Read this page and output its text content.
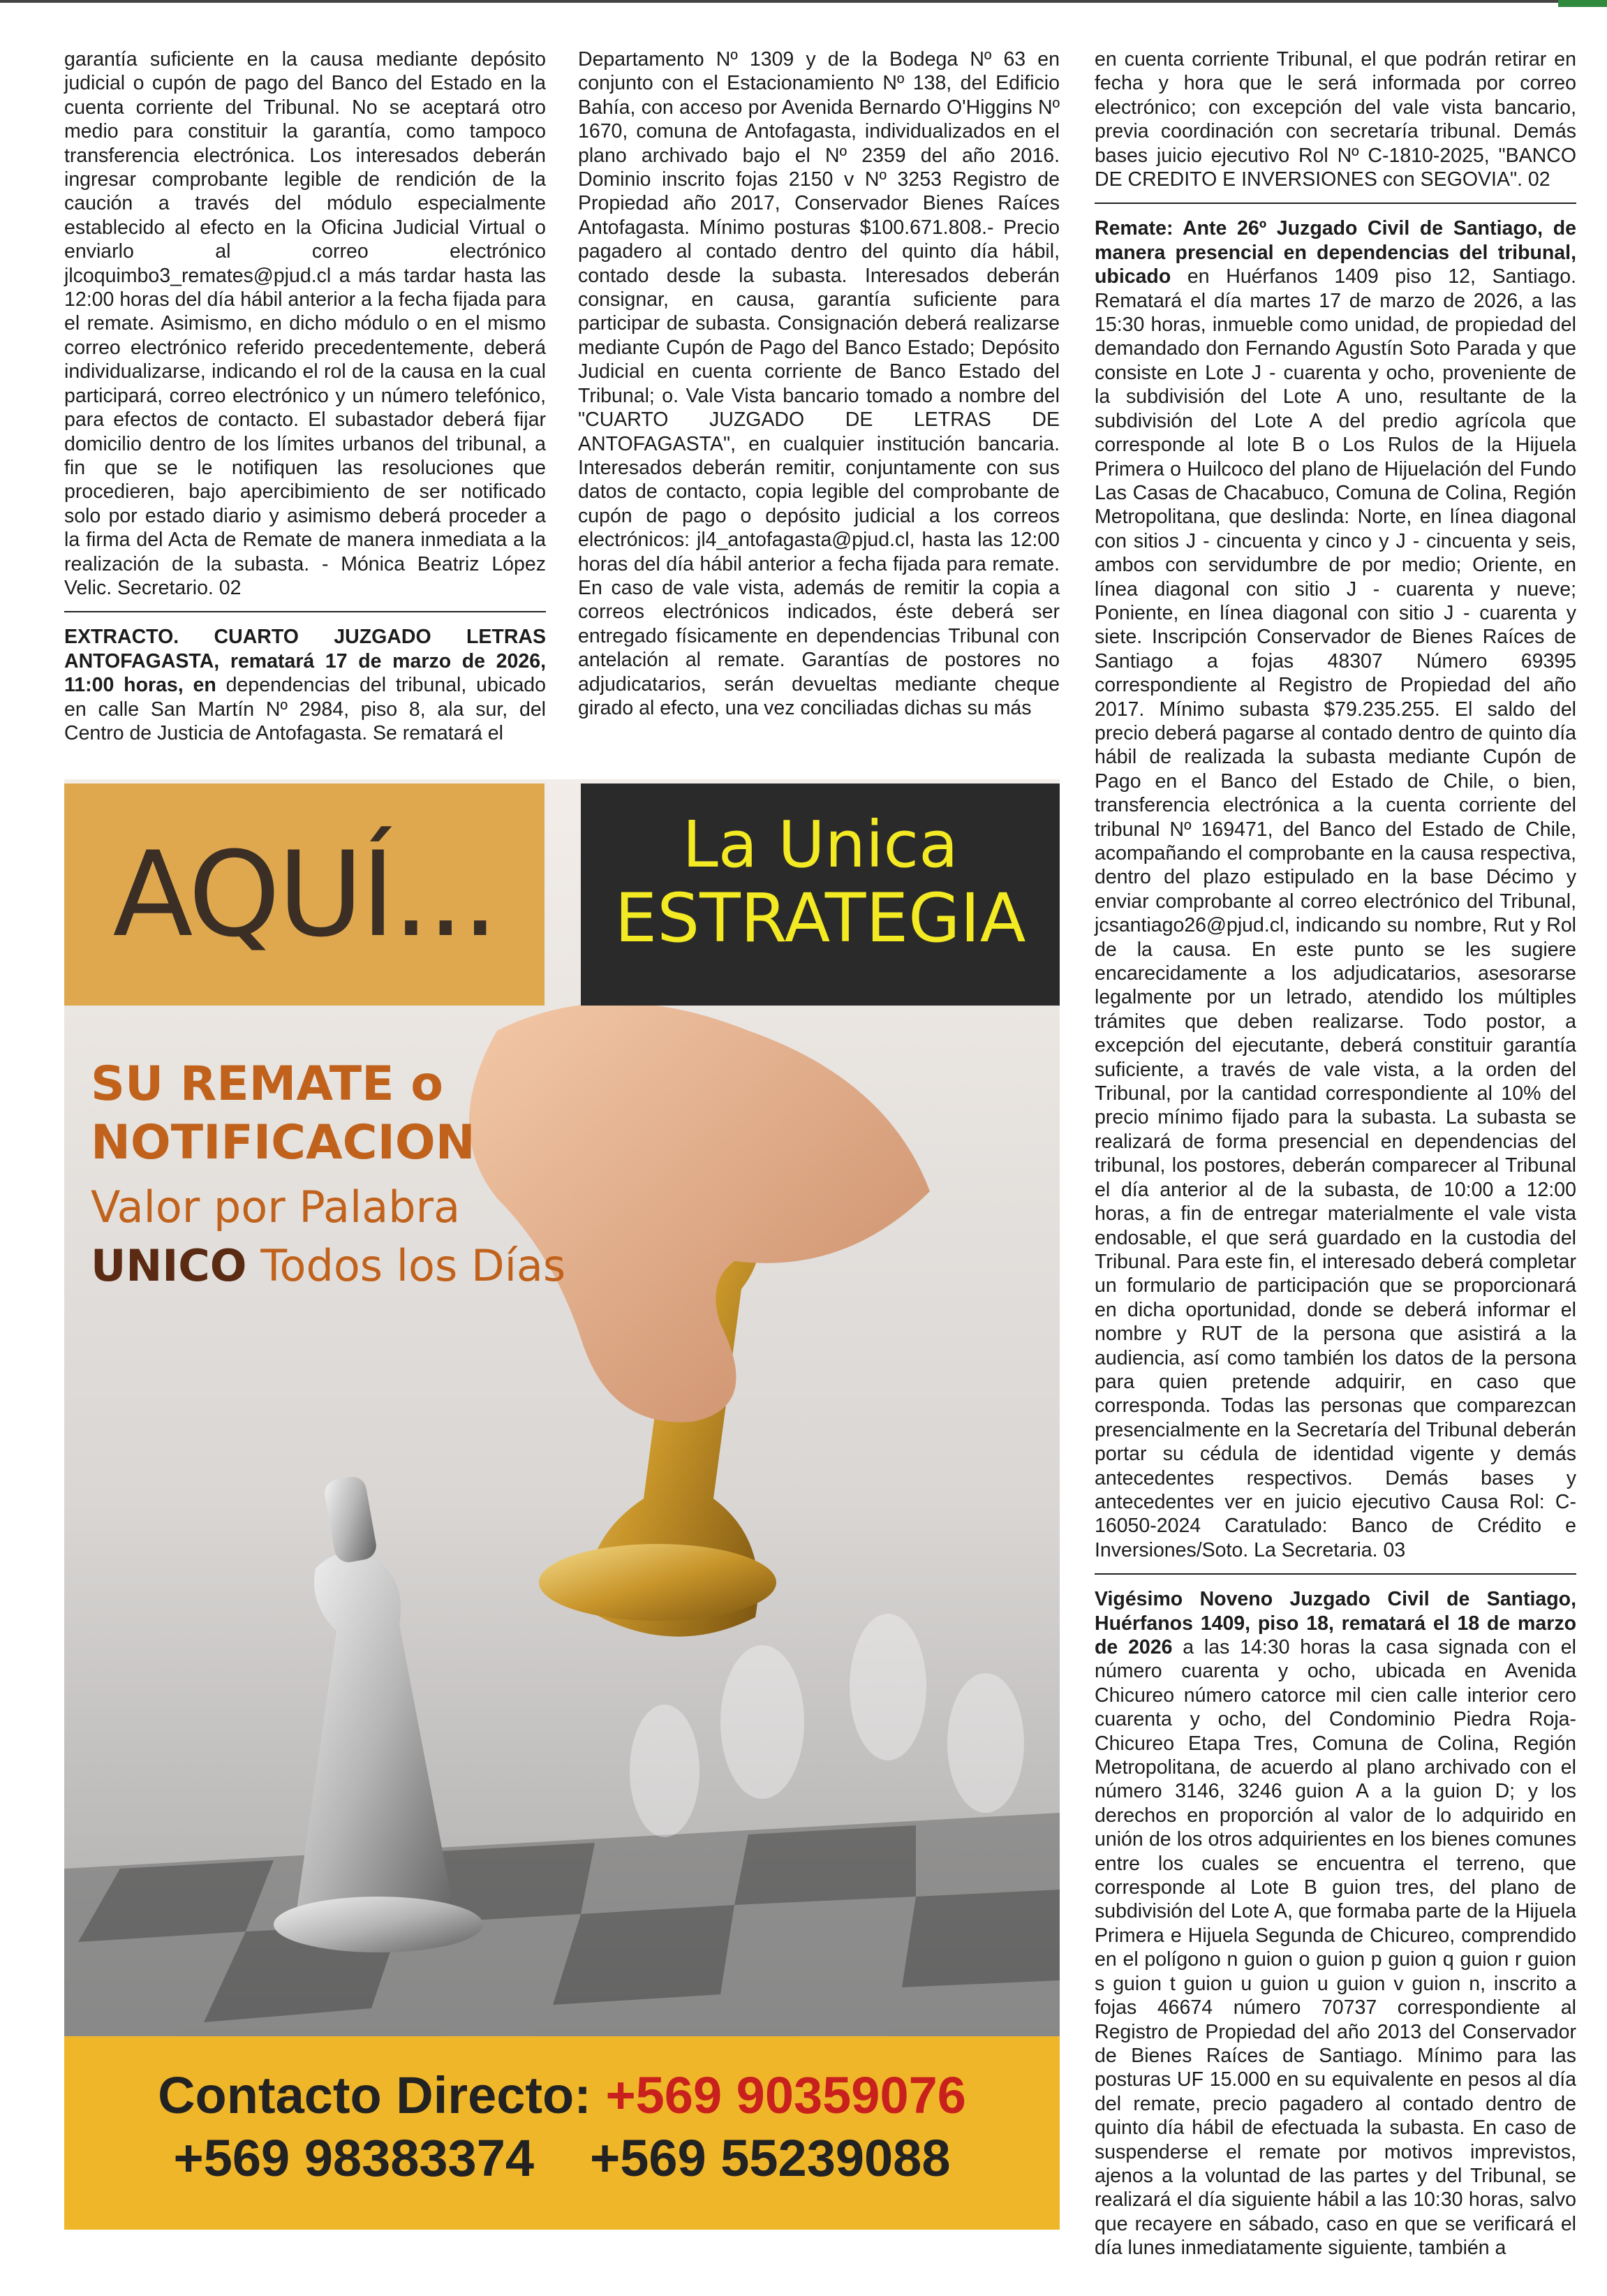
garantía suficiente en la causa mediante depósito judicial o cupón de pago del Banco del Estado en la cuenta corriente del Tribunal. No se aceptará otro medio para constituir la garantía, como tampoco transferencia electrónica. Los interesados deberán ingresar comprobante legible de rendición de la caución a través del módulo especialmente establecido al efecto en la Oficina Judicial Virtual o enviarlo al correo electrónico jlcoquimbo3_remates@pjud.cl a más tardar hasta las 12:00 horas del día hábil anterior a la fecha fijada para el remate. Asimismo, en dicho módulo o en el mismo correo electrónico referido precedentemente, deberá individualizarse, indicando el rol de la causa en la cual participará, correo electrónico y un número telefónico, para efectos de contacto. El subastador deberá fijar domicilio dentro de los límites urbanos del tribunal, a fin que se le notifiquen las resoluciones que procedieren, bajo apercibimiento de ser notificado solo por estado diario y asimismo deberá proceder a la firma del Acta de Remate de manera inmediata a la realización de la subasta. - Mónica Beatriz López Velic. Secretario. 02

EXTRACTO. CUARTO JUZGADO LETRAS ANTOFAGASTA, rematará 17 de marzo de 2026, 11:00 horas, en dependencias del tribunal, ubicado en calle San Martín Nº 2984, piso 8, ala sur, del Centro de Justicia de Antofagasta. Se rematará el

Departamento Nº 1309 y de la Bodega Nº 63 en conjunto con el Estacionamiento Nº 138, del Edificio Bahía, con acceso por Avenida Bernardo O'Higgins Nº 1670, comuna de Antofagasta, individualizados en el plano archivado bajo el Nº 2359 del año 2016. Dominio inscrito fojas 2150 v Nº 3253 Registro de Propiedad año 2017, Conservador Bienes Raíces Antofagasta. Mínimo posturas $100.671.808.- Precio pagadero al contado dentro del quinto día hábil, contado desde la subasta. Interesados deberán consignar, en causa, garantía suficiente para participar de subasta. Consignación deberá realizarse mediante Cupón de Pago del Banco Estado; Depósito Judicial en cuenta corriente de Banco Estado del Tribunal; o. Vale Vista bancario tomado a nombre del "CUARTO JUZGADO DE LETRAS DE ANTOFAGASTA", en cualquier institución bancaria. Interesados deberán remitir, conjuntamente con sus datos de contacto, copia legible del comprobante de cupón de pago o depósito judicial a los correos electrónicos: jl4_antofagasta@pjud.cl, hasta las 12:00 horas del día hábil anterior a fecha fijada para remate. En caso de vale vista, además de remitir la copia a correos electrónicos indicados, éste deberá ser entregado físicamente en dependencias Tribunal con antelación al remate. Garantías de postores no adjudicatarios, serán devueltas mediante cheque girado al efecto, una vez conciliadas dichas su más

en cuenta corriente Tribunal, el que podrán retirar en fecha y hora que le será informada por correo electrónico; con excepción del vale vista bancario, previa coordinación con secretaría tribunal. Demás bases juicio ejecutivo Rol Nº C-1810-2025, "BANCO DE CREDITO E INVERSIONES con SEGOVIA". 02

Remate: Ante 26º Juzgado Civil de Santiago, de manera presencial en dependencias del tribunal, ubicado en Huérfanos 1409 piso 12, Santiago. Rematará el día martes 17 de marzo de 2026, a las 15:30 horas, inmueble como unidad, de propiedad del demandado don Fernando Agustín Soto Parada y que consiste en Lote J - cuarenta y ocho, proveniente de la subdivisión del Lote A uno, resultante de la subdivisión del Lote A del predio agrícola que corresponde al lote B o Los Rulos de la Hijuela Primera o Huilcoco del plano de Hijuelación del Fundo Las Casas de Chacabuco, Comuna de Colina, Región Metropolitana, que deslinda: Norte, en línea diagonal con sitios J - cincuenta y cinco y J - cincuenta y seis, ambos con servidumbre de por medio; Oriente, en línea diagonal con sitio J - cuarenta y nueve; Poniente, en línea diagonal con sitio J - cuarenta y siete. Inscripción Conservador de Bienes Raíces de Santiago a fojas 48307 Número 69395 correspondiente al Registro de Propiedad del año 2017. Mínimo subasta $79.235.255. El saldo del precio deberá pagarse al contado dentro de quinto día hábil de realizada la subasta mediante Cupón de Pago en el Banco del Estado de Chile, o bien, transferencia electrónica a la cuenta corriente del tribunal Nº 169471, del Banco del Estado de Chile, acompañando el comprobante en la causa respectiva, dentro del plazo estipulado en la base Décimo y enviar comprobante al correo electrónico del Tribunal, jcsantiago26@pjud.cl, indicando su nombre, Rut y Rol de la causa. En este punto se les sugiere encarecidamente a los adjudicatarios, asesorarse legalmente por un letrado, atendido los múltiples trámites que deben realizarse. Todo postor, a excepción del ejecutante, deberá constituir garantía suficiente, a través de vale vista, a la orden del Tribunal, por la cantidad correspondiente al 10% del precio mínimo fijado para la subasta. La subasta se realizará de forma presencial en dependencias del tribunal, los postores, deberán comparecer al Tribunal el día anterior al de la subasta, de 10:00 a 12:00 horas, a fin de entregar materialmente el vale vista endosable, el que será guardado en la custodia del Tribunal. Para este fin, el interesado deberá completar un formulario de participación que se proporcionará en dicha oportunidad, donde se deberá informar el nombre y RUT de la persona que asistirá a la audiencia, así como también los datos de la persona para quien pretende adquirir, en caso que corresponda. Todas las personas que comparezcan presencialmente en la Secretaría del Tribunal deberán portar su cédula de identidad vigente y demás antecedentes respectivos. Demás bases y antecedentes ver en juicio ejecutivo Causa Rol: C-16050-2024 Caratulado: Banco de Crédito e Inversiones/Soto. La Secretaria. 03

Vigésimo Noveno Juzgado Civil de Santiago, Huérfanos 1409, piso 18, rematará el 18 de marzo de 2026 a las 14:30 horas la casa signada con el número cuarenta y ocho, ubicada en Avenida Chicureo número catorce mil cien calle interior cero cuarenta y ocho, del Condominio Piedra Roja-Chicureo Etapa Tres, Comuna de Colina, Región Metropolitana, de acuerdo al plano archivado con el número 3146, 3246 guion A a la guion D; y los derechos en proporción al valor de lo adquirido en unión de los otros adquirientes en los bienes comunes entre los cuales se encuentra el terreno, que corresponde al Lote B guion tres, del plano de subdivisión del Lote A, que formaba parte de la Hijuela Primera e Hijuela Segunda de Chicureo, comprendido en el polígono n guion o guion p guion q guion r guion s guion t guion u guion u guion v guion n, inscrito a fojas 46674 número 70737 correspondiente al Registro de Propiedad del año 2013 del Conservador de Bienes Raíces de Santiago. Mínimo para las posturas UF 15.000 en su equivalente en pesos al día del remate, precio pagadero al contado dentro de quinto día hábil de efectuada la subasta. En caso de suspenderse el remate por motivos imprevistos, ajenos a la voluntad de las partes y del Tribunal, se realizará el día siguiente hábil a las 10:30 horas, salvo que recayere en sábado, caso en que se verificará el día lunes inmediatamente siguiente, también a

AQUÍ...	La Unica
ESTRATEGIA
SU REMATE o
NOTIFICACION
Valor por Palabra
UNICO Todos los Días
Contacto Directo: +569 90359076
+569 98383374 +569 55239088
